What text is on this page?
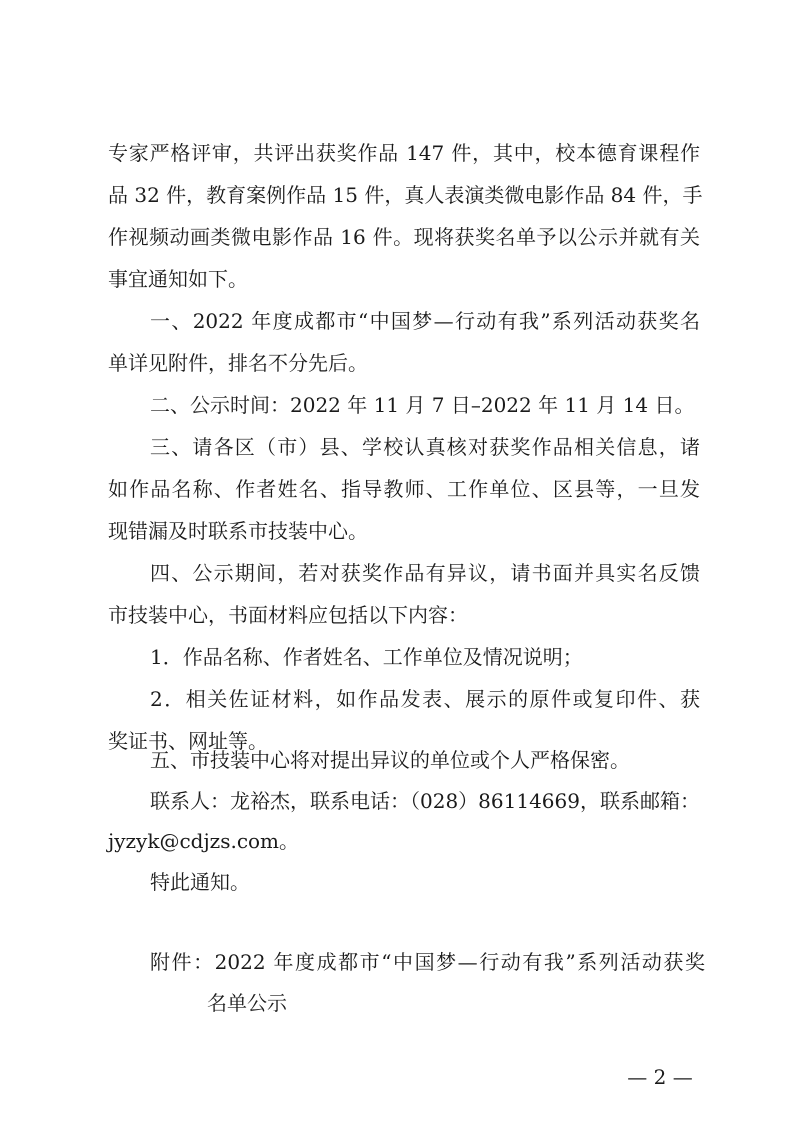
专家严格评审，共评出获奖作品 147 件，其中，校本德育课程作
品 32 件，教育案例作品 15 件，真人表演类微电影作品 84 件，手
作视频动画类微电影作品 16 件。现将获奖名单予以公示并就有关
事宜通知如下。
一、2022 年度成都市“中国梦—行动有我”系列活动获奖名
单详见附件，排名不分先后。
二、公示时间：2022 年 11 月 7 日–2022 年 11 月 14 日。
三、请各区（市）县、学校认真核对获奖作品相关信息，诸
如作品名称、作者姓名、指导教师、工作单位、区县等，一旦发
现错漏及时联系市技装中心。
四、公示期间，若对获奖作品有异议，请书面并具实名反馈
市技装中心，书面材料应包括以下内容：
1．作品名称、作者姓名、工作单位及情况说明；
2．相关佐证材料，如作品发表、展示的原件或复印件、获
奖证书、网址等。
五、市技装中心将对提出异议的单位或个人严格保密。
联系人：龙裕杰，联系电话：（028）86114669，联系邮箱：
jyzyk@cdjzs.com。
特此通知。
附件：2022 年度成都市“中国梦—行动有我”系列活动获奖
名单公示
— 2 —
